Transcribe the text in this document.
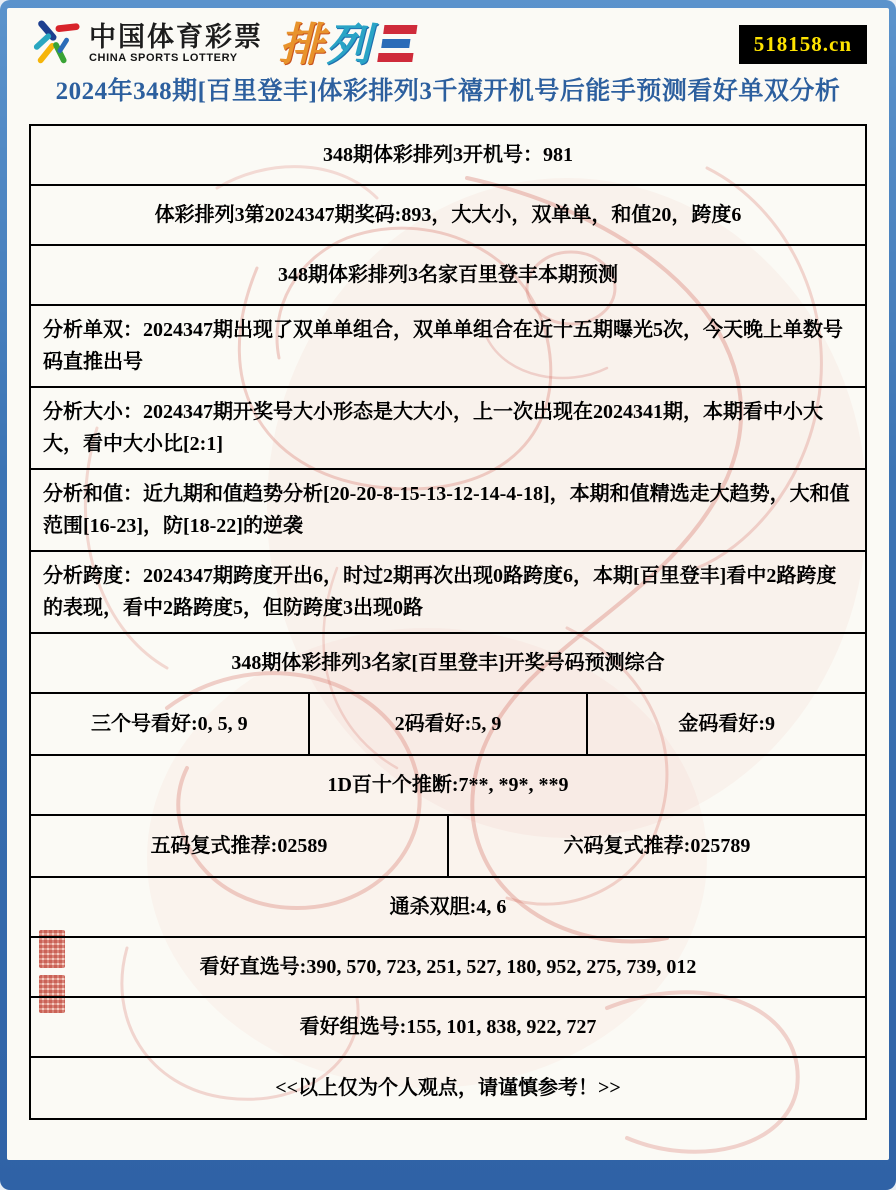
中国体育彩票
CHINA SPORTS LOTTERY 排 列	518158.cn
2024年348期[百里登丰]体彩排列3千禧开机号后能手预测看好单双分析
348期体彩排列3开机号：981
体彩排列3第2024347期奖码:893，大大小，双单单，和值20，跨度6
348期体彩排列3名家百里登丰本期预测
分析单双：2024347期出现了双单单组合，双单单组合在近十五期曝光5次，今天晚上单数号码直推出号
分析大小：2024347期开奖号大小形态是大大小，上一次出现在2024341期，本期看中小大大，看中大小比[2:1]
分析和值：近九期和值趋势分析[20-20-8-15-13-12-14-4-18]，本期和值精选走大趋势，大和值范围[16-23]，防[18-22]的逆袭
分析跨度：2024347期跨度开出6，时过2期再次出现0路跨度6，本期[百里登丰]看中2路跨度的表现，看中2路跨度5，但防跨度3出现0路
348期体彩排列3名家[百里登丰]开奖号码预测综合
三个号看好:0, 5, 9	2码看好:5, 9	金码看好:9
1D百十个推断:7**, *9*, **9
五码复式推荐:02589	六码复式推荐:025789
通杀双胆:4, 6
看好直选号:390, 570, 723, 251, 527, 180, 952, 275, 739, 012
看好组选号:155, 101, 838, 922, 727
<<以上仅为个人观点，请谨慎参考！>>
